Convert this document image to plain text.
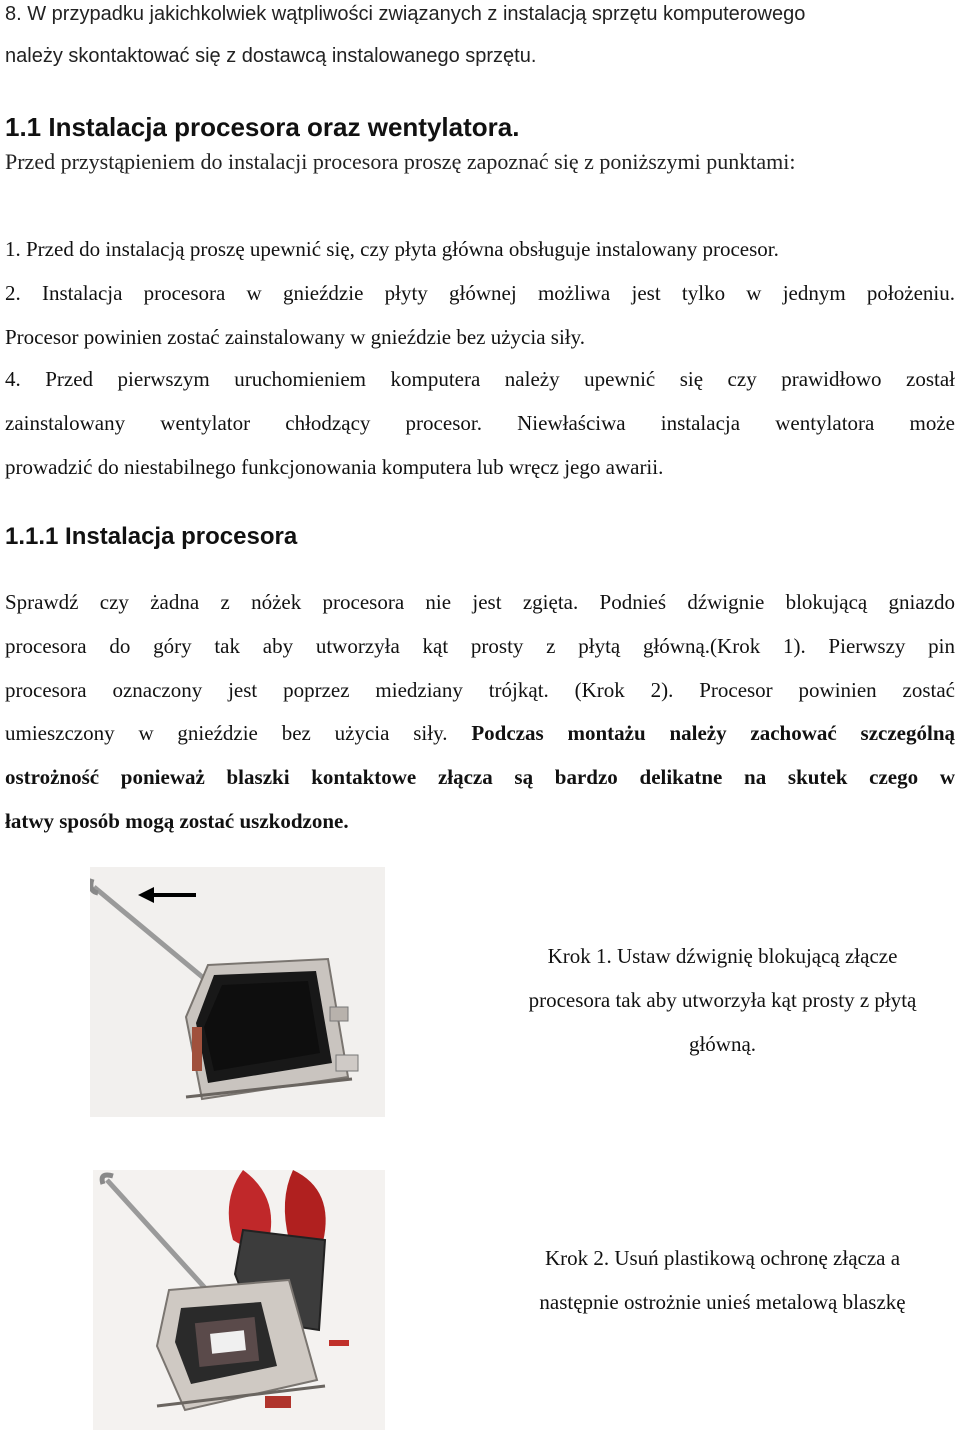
8. W przypadku jakichkolwiek wątpliwości związanych z instalacją sprzętu komputerowego
należy skontaktować się z dostawcą instalowanego sprzętu.
1.1 Instalacja procesora oraz wentylatora.
Przed przystąpieniem do instalacji procesora proszę zapoznać się z poniższymi punktami:
1. Przed do instalacją proszę upewnić się, czy płyta główna obsługuje instalowany procesor.
2. Instalacja procesora w gnieździe płyty głównej możliwa jest tylko w jednym położeniu.
Procesor powinien zostać zainstalowany w gnieździe bez użycia siły.
4. Przed pierwszym uruchomieniem komputera należy upewnić się czy prawidłowo został
zainstalowany wentylator chłodzący procesor. Niewłaściwa instalacja wentylatora może
prowadzić do niestabilnego funkcjonowania komputera lub wręcz jego awarii.
1.1.1 Instalacja procesora
Sprawdź czy żadna z nóżek procesora nie jest zgięta. Podnieś dźwignie blokującą gniazdo
procesora do góry tak aby utworzyła kąt prosty z płytą główną.(Krok 1). Pierwszy pin
procesora oznaczony jest poprzez miedziany trójkąt. (Krok 2). Procesor powinien zostać
umieszczony w gnieździe bez użycia siły. Podczas montażu należy zachować szczególną
ostrożność ponieważ blaszki kontaktowe złącza są bardzo delikatne na skutek czego w
łatwy sposób mogą zostać uszkodzone.
Krok 1. Ustaw dźwignię blokującą złącze
procesora tak aby utworzyła kąt prosty z płytą
główną.
Krok 2. Usuń plastikową ochronę złącza a
następnie ostrożnie unieś metalową blaszkę
